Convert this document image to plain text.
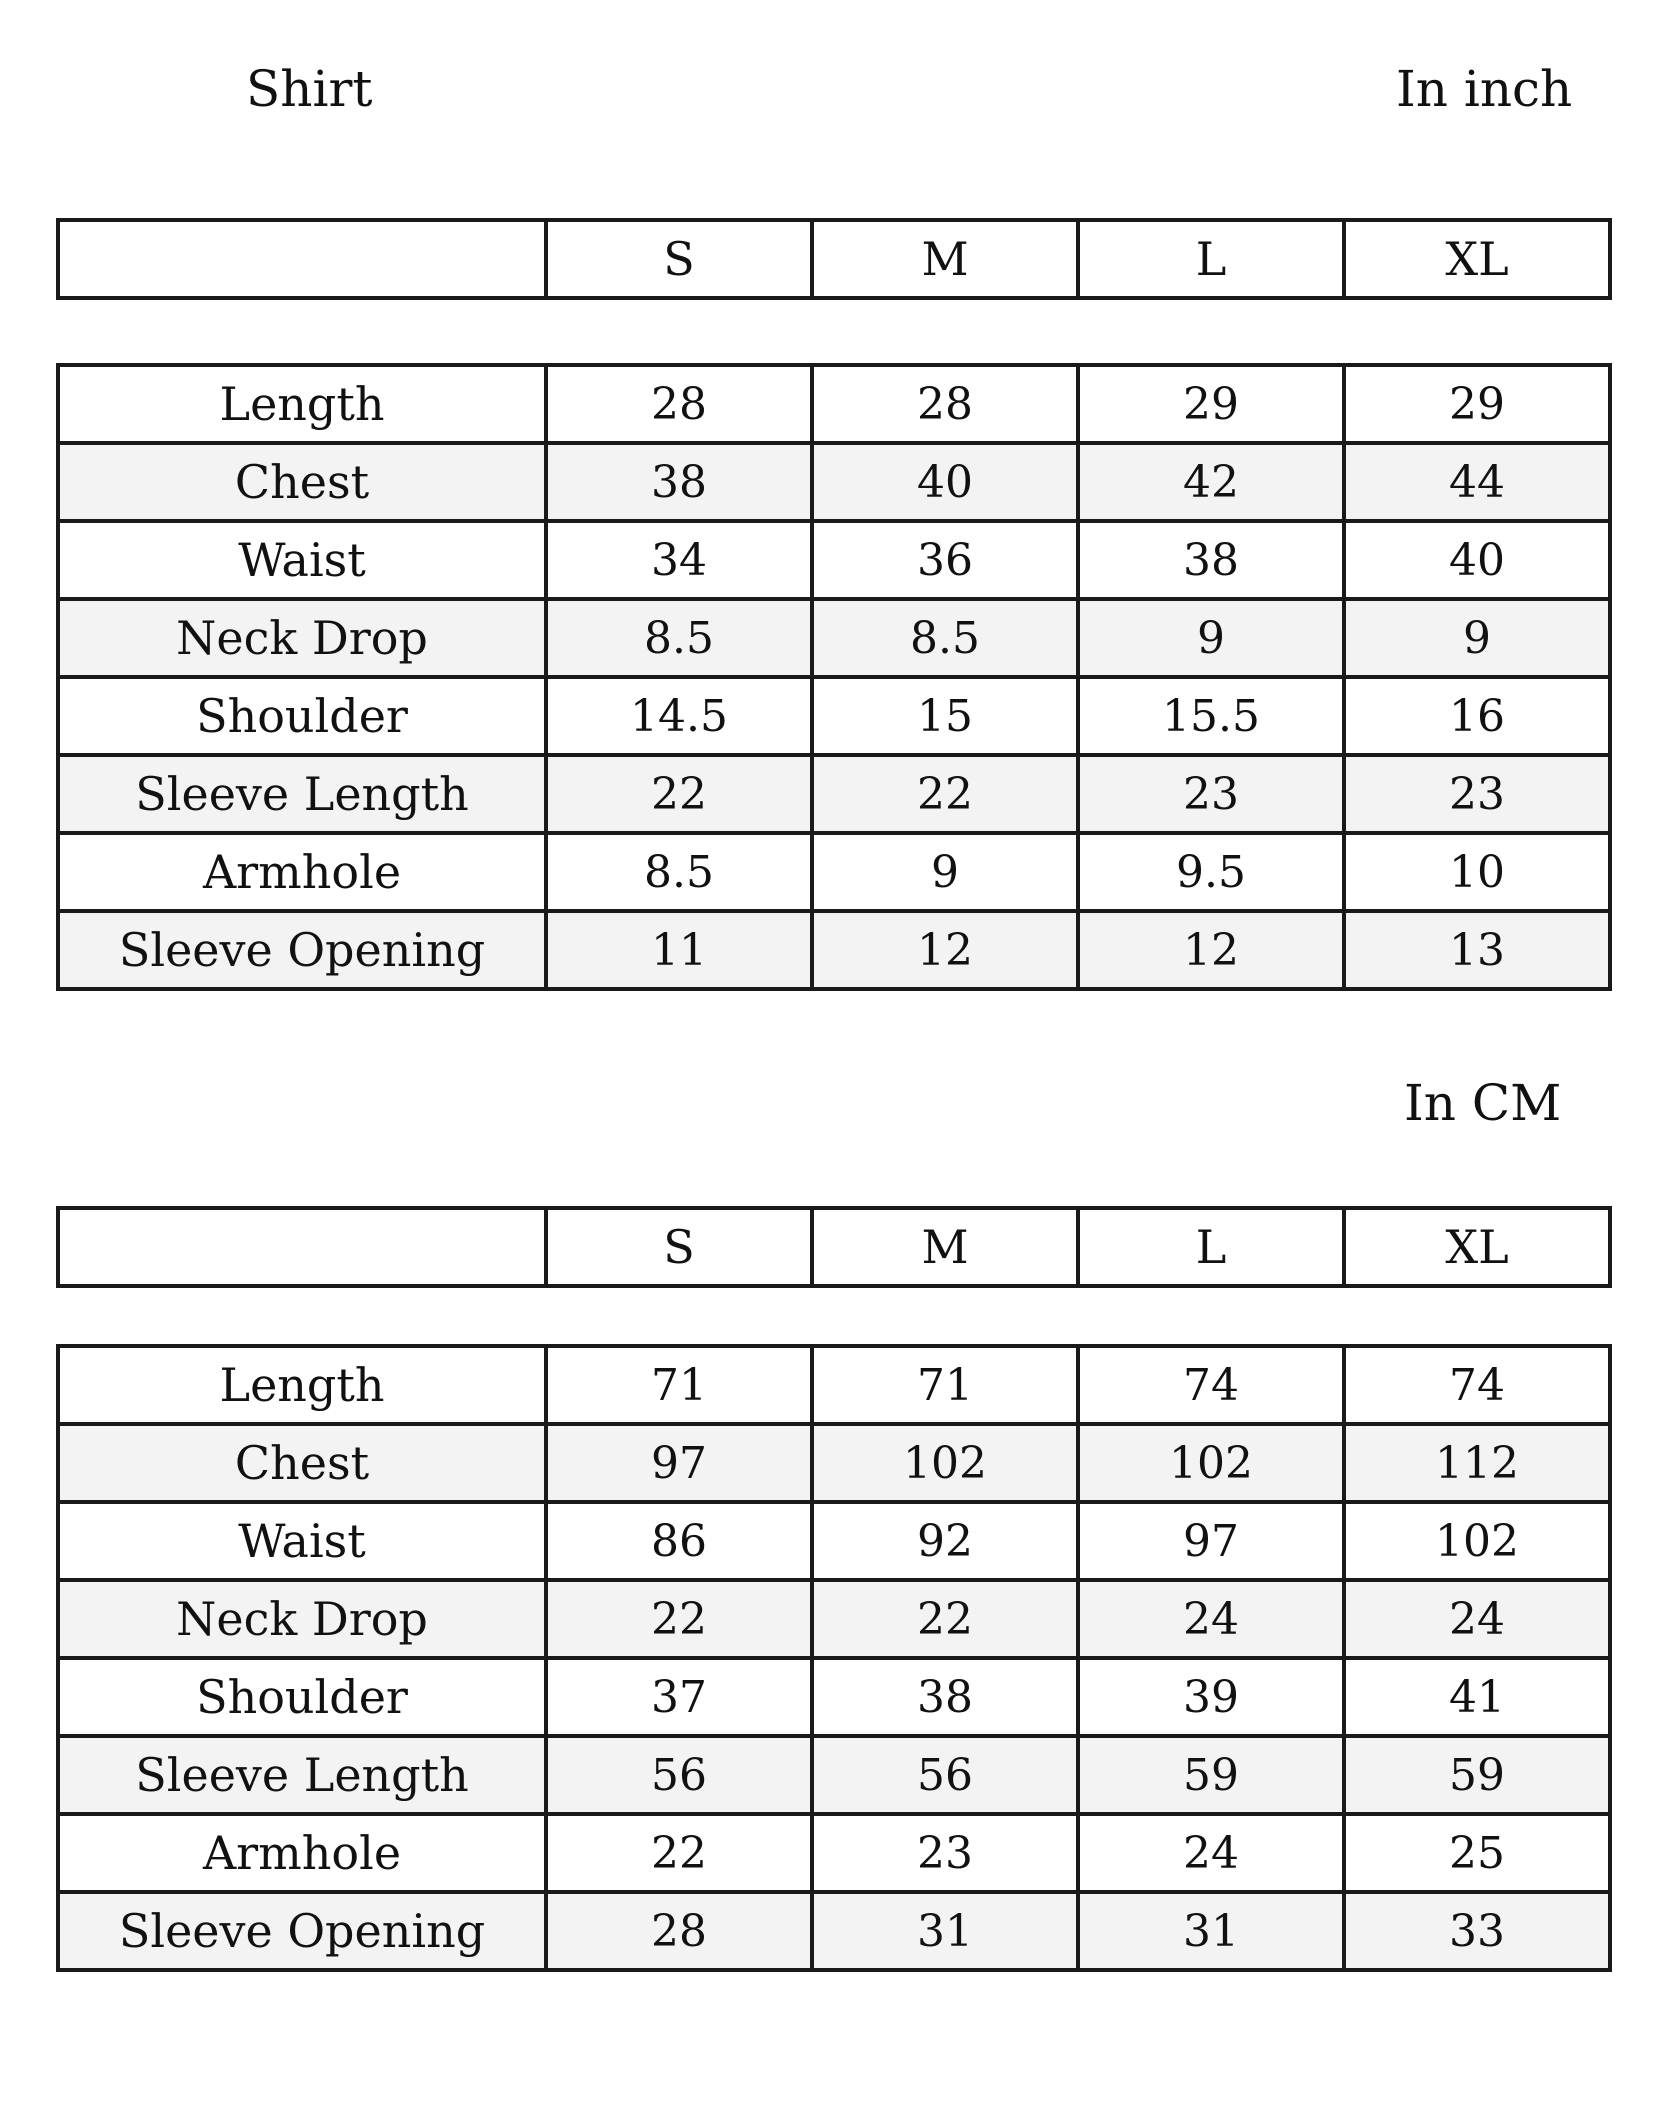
Shirt	In inch
	S	M	L	XL
Length	28	28	29	29
Chest	38	40	42	44
Waist	34	36	38	40
Neck Drop	8.5	8.5	9	9
Shoulder	14.5	15	15.5	16
Sleeve Length	22	22	23	23
Armhole	8.5	9	9.5	10
Sleeve Opening	11	12	12	13
In CM
	S	M	L	XL
Length	71	71	74	74
Chest	97	102	102	112
Waist	86	92	97	102
Neck Drop	22	22	24	24
Shoulder	37	38	39	41
Sleeve Length	56	56	59	59
Armhole	22	23	24	25
Sleeve Opening	28	31	31	33
